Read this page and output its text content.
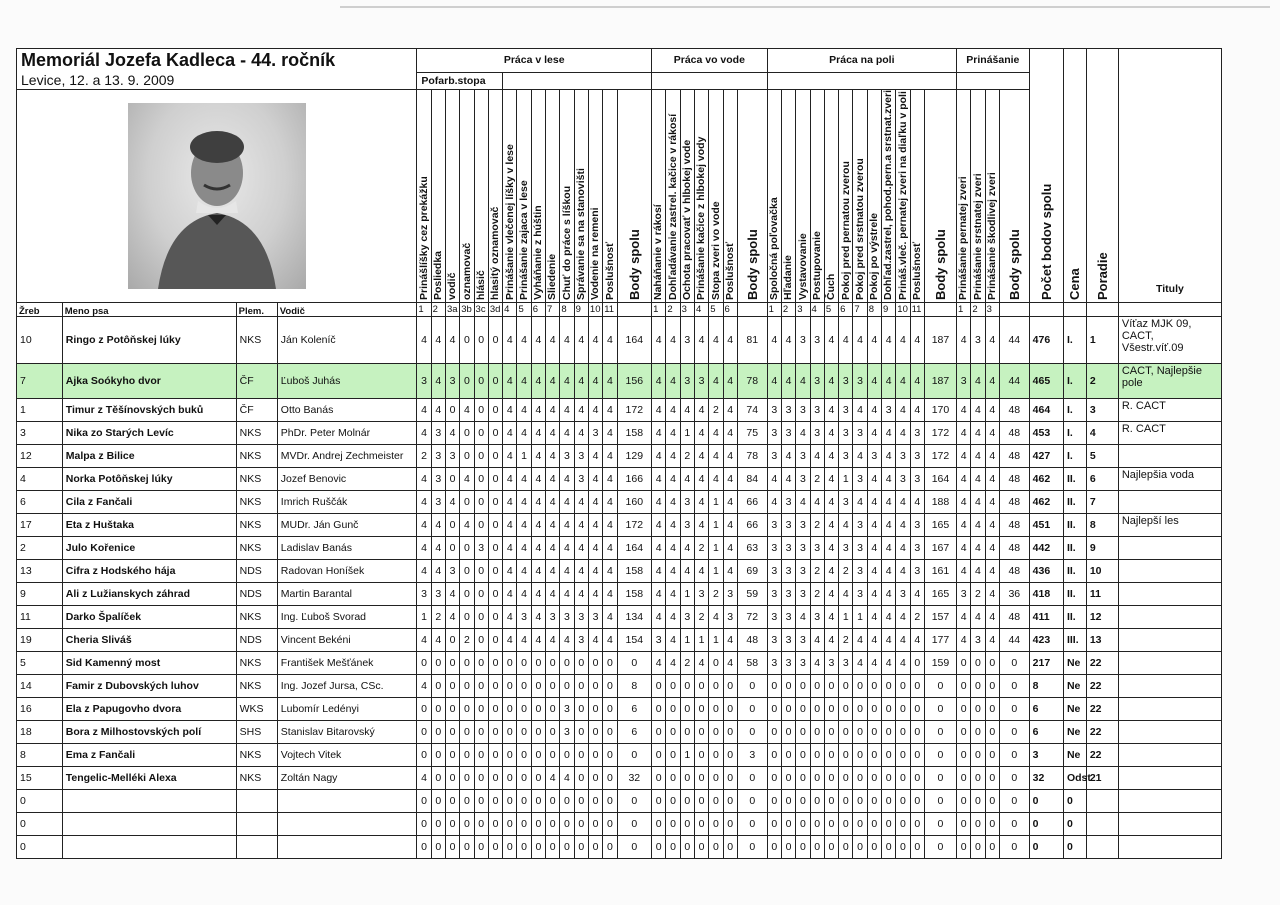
Memoriál Jozefa Kadleca - 44. ročník
Levice, 12. a 13. 9. 2009				Práca v lese															Práca vo vode							Práca na poli												Prinášanie				Počet bodov spolu	Cena	Poradie	Tituly
				Pofarb.stopa																																									

Prinášlíšky cez prekážku	Posliedka	vodič	oznamovač	hlásič	hlasitý oznamovač	Prinášanie vlečenej líšky v lese	Prinášanie zajaca v lese	Vyháňanie z húštin	Sliedenie	Chuť do práce s líškou	Správanie sa na stanovišti	Vodenie na remeni	Poslušnosť	Body spolu	Naháňanie v rákosí	Dohľadávanie zastrel. kačice v rákosí	Ochota pracovať v hlbokej vode	Prinášanie kačice z hlbokej vody	Stopa zveri vo vode	Poslušnosť	Body spolu	Spoločná poľovačka	Hľadanie	Vystavovanie	Postupovanie	Čuch	Pokoj pred pernatou zverou	Pokoj pred srstnatou zverou	Pokoj po výstrele	Dohľad.zastrel, pohod.pern.a srstnat.zveri	Prináš.vleč. pernatej zveri na diaľku v poli	Poslušnosť	Body spolu	Prinášanie pernatej zveri	Prinášanie srstnatej zveri	Prinášanie škodlivej zveri	Body spolu				

Žreb	Meno psa	Plem.	Vodič	1	2	3a	3b	3c	3d	4	5	6	7	8	9	10	11		1	2	3	4	5	6		1	2	3	4	5	6	7	8	9	10	11		1	2	3					
10	Ringo z Potôňskej lúky	NKS	Ján Koleníč	4	4	4	0	0	0	4	4	4	4	4	4	4	4	164	4	4	3	4	4	4	81	4	4	3	3	4	4	4	4	4	4	4	187	4	3	4	44	476	I.	1	Víťaz MJK 09, CACT, Všestr.víť.09
7	Ajka Soókyho dvor	ČF	Ľuboš Juhás	3	4	3	0	0	0	4	4	4	4	4	4	4	4	156	4	4	3	3	4	4	78	4	4	4	3	4	3	3	4	4	4	4	187	3	4	4	44	465	I.	2	CACT, Najlepšie pole
1	Timur z Těšínovských buků	ČF	Otto Banás	4	4	0	4	0	0	4	4	4	4	4	4	4	4	172	4	4	4	4	2	4	74	3	3	3	3	4	3	4	4	3	4	4	170	4	4	4	48	464	I.	3	R. CACT
3	Nika zo Starých Levíc	NKS	PhDr. Peter Molnár	4	3	4	0	0	0	4	4	4	4	4	4	3	4	158	4	4	1	4	4	4	75	3	3	4	3	4	3	3	4	4	4	3	172	4	4	4	48	453	I.	4	R. CACT
12	Malpa z Bilice	NKS	MVDr. Andrej Zechmeister	2	3	3	0	0	0	4	1	4	4	3	3	4	4	129	4	4	2	4	4	4	78	3	4	3	4	4	3	4	3	4	3	3	172	4	4	4	48	427	I.	5	
4	Norka Potôňskej lúky	NKS	Jozef Benovic	4	3	0	4	0	0	4	4	4	4	4	3	4	4	166	4	4	4	4	4	4	84	4	4	3	2	4	1	3	4	4	3	3	164	4	4	4	48	462	II.	6	Najlepšia voda
6	Cila z Fančali	NKS	Imrich Ruščák	4	3	4	0	0	0	4	4	4	4	4	4	4	4	160	4	4	3	4	1	4	66	4	3	4	4	4	3	4	4	4	4	4	188	4	4	4	48	462	II.	7	
17	Eta z Huštaka	NKS	MUDr. Ján Gunč	4	4	0	4	0	0	4	4	4	4	4	4	4	4	172	4	4	3	4	1	4	66	3	3	3	2	4	4	3	4	4	4	3	165	4	4	4	48	451	II.	8	Najlepší les
2	Julo Kořenice	NKS	Ladislav Banás	4	4	0	0	3	0	4	4	4	4	4	4	4	4	164	4	4	4	2	1	4	63	3	3	3	3	4	3	3	4	4	4	3	167	4	4	4	48	442	II.	9	
13	Cifra z Hodského hája	NDS	Radovan Honíšek	4	4	3	0	0	0	4	4	4	4	4	4	4	4	158	4	4	4	4	1	4	69	3	3	3	2	4	2	3	4	4	4	3	161	4	4	4	48	436	II.	10	
9	Ali z Lužianskych záhrad	NDS	Martin Barantal	3	3	4	0	0	0	4	4	4	4	4	4	4	4	158	4	4	1	3	2	3	59	3	3	3	2	4	4	3	4	4	3	4	165	3	2	4	36	418	II.	11	
11	Darko Špalíček	NKS	Ing. Ľuboš Svorad	1	2	4	0	0	0	4	3	4	3	3	3	3	4	134	4	4	3	2	4	3	72	3	3	4	3	4	1	1	4	4	4	2	157	4	4	4	48	411	II.	12	
19	Cheria Sliváš	NDS	Vincent Bekéni	4	4	0	2	0	0	4	4	4	4	4	3	4	4	154	3	4	1	1	1	4	48	3	3	3	4	4	2	4	4	4	4	4	177	4	3	4	44	423	III.	13	
5	Sid Kamenný most	NKS	František Mešťánek	0	0	0	0	0	0	0	0	0	0	0	0	0	0	0	4	4	2	4	0	4	58	3	3	3	4	3	3	4	4	4	4	0	159	0	0	0	0	217	Ne	22	
14	Famir z Dubovských luhov	NKS	Ing. Jozef Jursa, CSc.	4	0	0	0	0	0	0	0	0	0	0	0	0	0	8	0	0	0	0	0	0	0	0	0	0	0	0	0	0	0	0	0	0	0	0	0	0	0	8	Ne	22	
16	Ela z Papugovho dvora	WKS	Lubomír Ledényi	0	0	0	0	0	0	0	0	0	0	3	0	0	0	6	0	0	0	0	0	0	0	0	0	0	0	0	0	0	0	0	0	0	0	0	0	0	0	6	Ne	22	
18	Bora z Milhostovských polí	SHS	Stanislav Bitarovský	0	0	0	0	0	0	0	0	0	0	3	0	0	0	6	0	0	0	0	0	0	0	0	0	0	0	0	0	0	0	0	0	0	0	0	0	0	0	6	Ne	22	
8	Ema z Fančali	NKS	Vojtech Vitek	0	0	0	0	0	0	0	0	0	0	0	0	0	0	0	0	0	1	0	0	0	3	0	0	0	0	0	0	0	0	0	0	0	0	0	0	0	0	3	Ne	22	
15	Tengelic-Melléki Alexa	NKS	Zoltán Nagy	4	0	0	0	0	0	0	0	0	4	4	0	0	0	32	0	0	0	0	0	0	0	0	0	0	0	0	0	0	0	0	0	0	0	0	0	0	0	32	Odst	21	
0				0	0	0	0	0	0	0	0	0	0	0	0	0	0	0	0	0	0	0	0	0	0	0	0	0	0	0	0	0	0	0	0	0	0	0	0	0	0	0	0		
0				0	0	0	0	0	0	0	0	0	0	0	0	0	0	0	0	0	0	0	0	0	0	0	0	0	0	0	0	0	0	0	0	0	0	0	0	0	0	0	0		
0				0	0	0	0	0	0	0	0	0	0	0	0	0	0	0	0	0	0	0	0	0	0	0	0	0	0	0	0	0	0	0	0	0	0	0	0	0	0	0	0		
